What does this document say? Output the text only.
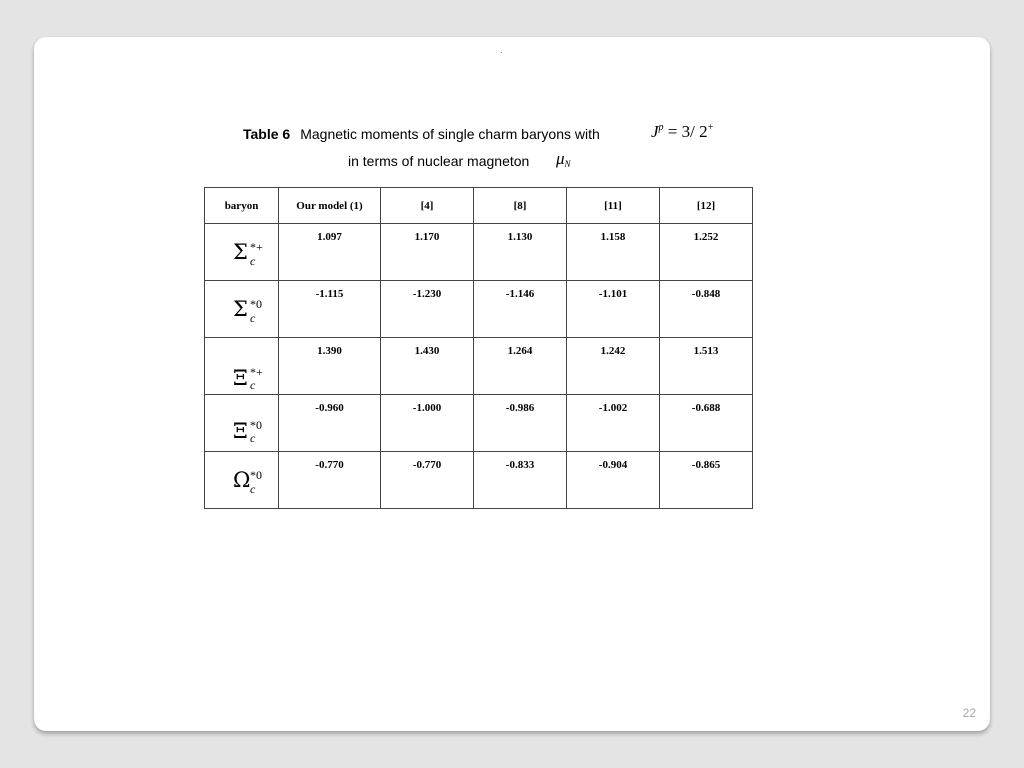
.
Table 6 Magnetic moments of single charm baryons with	$J^p = 3/$ 2+
in terms of nuclear magneton $\mu_N$
baryon	Our model (1)	[4]	[8]	[11]	[12]

Σ *+
c	1.097	1.170	1.130	1.158	1.252

Σ *0
c	-1.115	-1.230	-1.146	-1.101	-0.848

Ξ *+
c	1.390	1.430	1.264	1.242	1.513

Ξ *0
c	-0.960	-1.000	-0.986	-1.002	-0.688

Ω *0
c	-0.770	-0.770	-0.833	-0.904	-0.865
22
